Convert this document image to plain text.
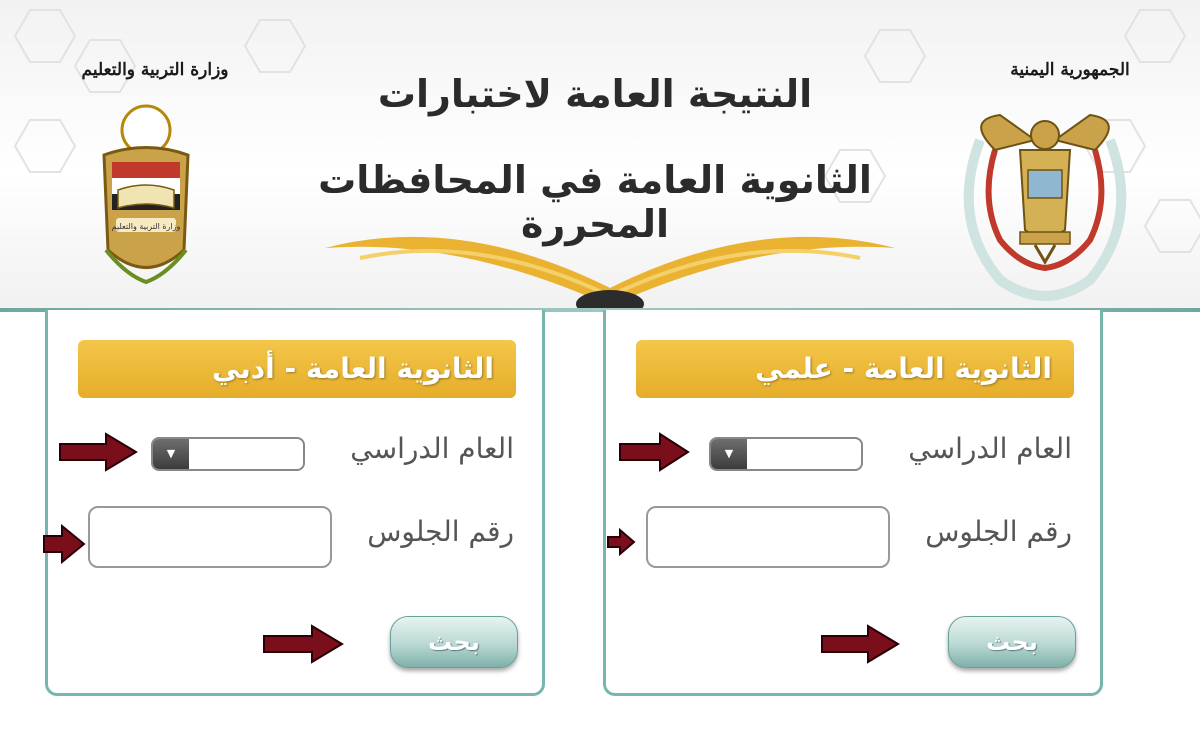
وزارة التربية والتعليم	الجمهورية اليمنية
وزارة التربية والتعليم
النتيجة العامة لاختبارات
الثانوية العامة في المحافظات المحررة
الثانوية العامة - أدبي
العام الدراسي
▼
رقم الجلوس
بحث
الثانوية العامة - علمي
العام الدراسي
▼
رقم الجلوس
بحث
